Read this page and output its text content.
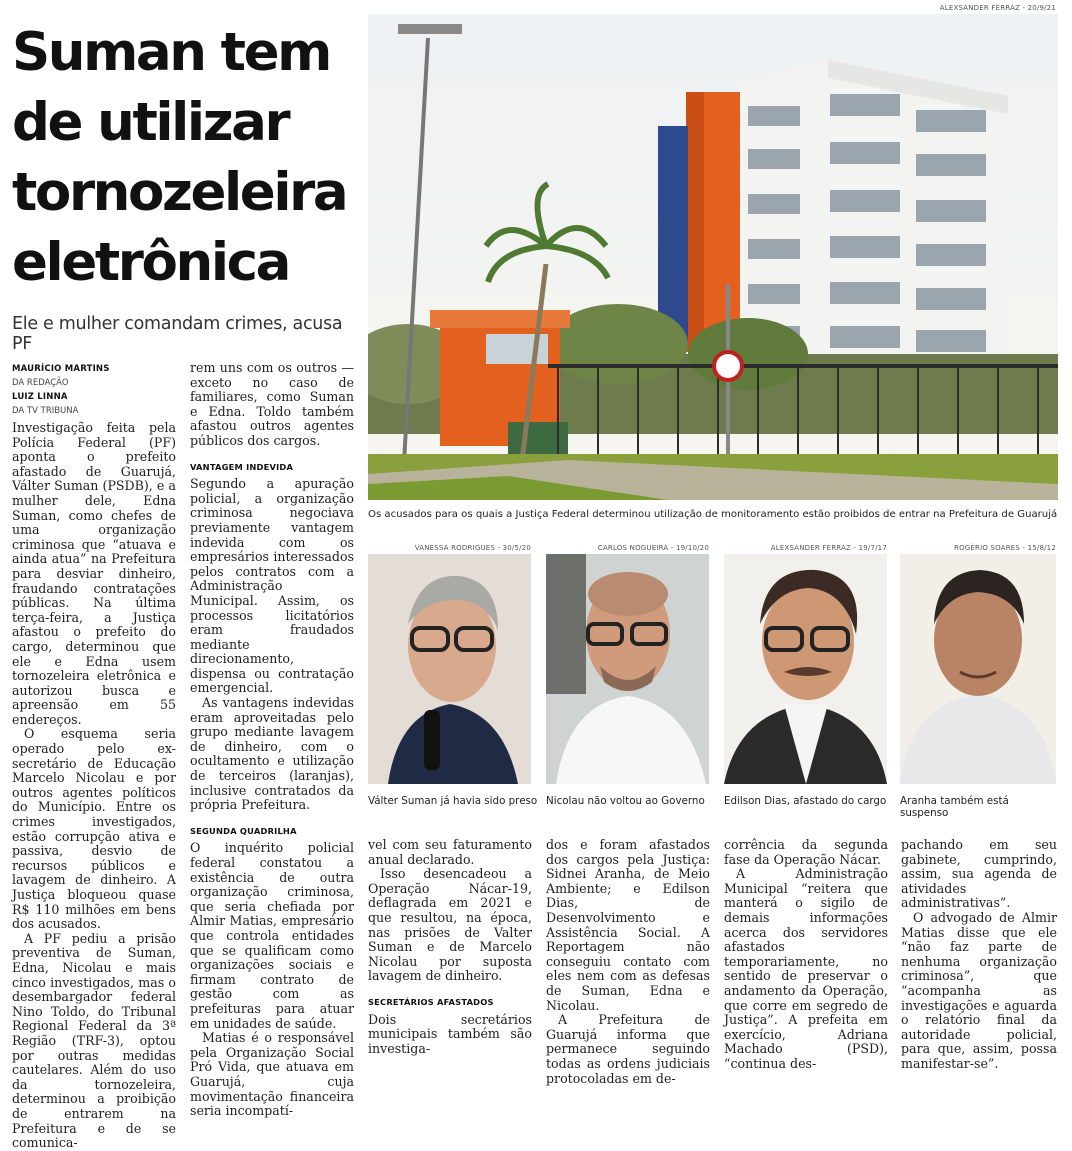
Suman tem de utilizar tornozeleira eletrônica
Ele e mulher comandam crimes, acusa PF
MAURÍCIO MARTINS
DA REDAÇÃO
LUIZ LINNA
DA TV TRIBUNA

Investigação feita pela Polícia Federal (PF) aponta o prefeito afastado de Guarujá, Válter Suman (PSDB), e a mulher dele, Edna Suman, como chefes de uma organização criminosa que “atuava e ainda atua” na Prefeitura para desviar dinheiro, fraudando contratações públicas. Na última terça-feira, a Justiça afastou o prefeito do cargo, determinou que ele e Edna usem tornozeleira eletrônica e autorizou busca e apreensão em 55 endereços.

O esquema seria operado pelo ex-secretário de Educação Marcelo Nicolau e por outros agentes políticos do Município. Entre os crimes investigados, estão corrupção ativa e passiva, desvio de recursos públicos e lavagem de dinheiro. A Justiça bloqueou quase R$ 110 milhões em bens dos acusados.

A PF pediu a prisão preventiva de Suman, Edna, Nicolau e mais cinco investigados, mas o desembargador federal Nino Toldo, do Tribunal Regional Federal da 3ª Região (TRF-3), optou por outras medidas cautelares. Além do uso da tornozeleira, determinou a proibição de entrarem na Prefeitura e de se comunica-

rem uns com os outros — exceto no caso de familiares, como Suman e Edna. Toldo também afastou outros agentes públicos dos cargos.

VANTAGEM INDEVIDA

Segundo a apuração policial, a organização criminosa negociava previamente vantagem indevida com os empresários interessados pelos contratos com a Administração Municipal. Assim, os processos licitatórios eram fraudados mediante direcionamento, dispensa ou contratação emergencial.

As vantagens indevidas eram aproveitadas pelo grupo mediante lavagem de dinheiro, com o ocultamento e utilização de terceiros (laranjas), inclusive contratados da própria Prefeitura.

SEGUNDA QUADRILHA

O inquérito policial federal constatou a existência de outra organização criminosa, que seria chefiada por Almir Matias, empresário que controla entidades que se qualificam como organizações sociais e firmam contrato de gestão com as prefeituras para atuar em unidades de saúde.

Matias é o responsável pela Organização Social Pró Vida, que atuava em Guarujá, cuja movimentação financeira seria incompatí-

ALEXSANDER FERRAZ - 20/9/21
Os acusados para os quais a Justiça Federal determinou utilização de monitoramento estão proibidos de entrar na Prefeitura de Guarujá
VANESSA RODRIGUES - 30/5/20
Válter Suman já havia sido preso
CARLOS NOGUEIRA - 19/10/20
Nicolau não voltou ao Governo
ALEXSANDER FERRAZ - 19/7/17
Edilson Dias, afastado do cargo
ROGÉRIO SOARES - 15/8/12
Aranha também está suspenso

vel com seu faturamento anual declarado.

Isso desencadeou a Operação Nácar-19, deflagrada em 2021 e que resultou, na época, nas prisões de Valter Suman e de Marcelo Nicolau por suposta lavagem de dinheiro.

SECRETÁRIOS AFASTADOS

Dois secretários municipais também são investiga-

dos e foram afastados dos cargos pela Justiça: Sidnei Aranha, de Meio Ambiente; e Edilson Dias, de Desenvolvimento e Assistência Social. A Reportagem não conseguiu contato com eles nem com as defesas de Suman, Edna e Nicolau.

A Prefeitura de Guarujá informa que permanece seguindo todas as ordens judiciais protocoladas em de-

corrência da segunda fase da Operação Nácar.

A Administração Municipal “reitera que manterá o sigilo de demais informações acerca dos servidores afastados temporariamente, no sentido de preservar o andamento da Operação, que corre em segredo de Justiça”. A prefeita em exercício, Adriana Machado (PSD), “continua des-

pachando em seu gabinete, cumprindo, assim, sua agenda de atividades administrativas”.

O advogado de Almir Matias disse que ele “não faz parte de nenhuma organização criminosa”, que “acompanha as investigações e aguarda o relatório final da autoridade policial, para que, assim, possa manifestar-se”.
